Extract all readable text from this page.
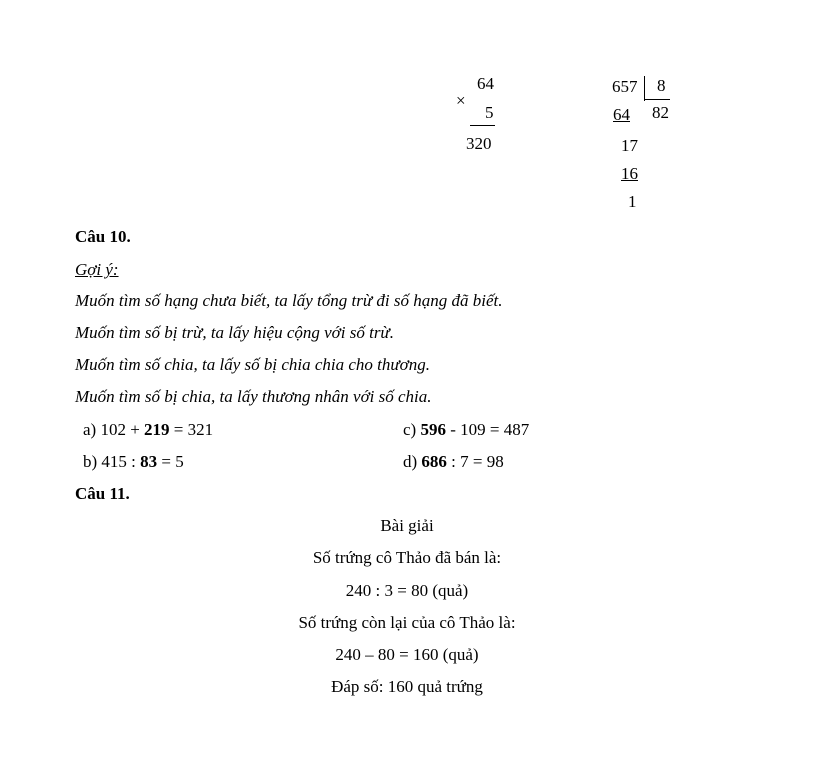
64
×
5
320
657 8
82
64
17
16
1
Câu 10.
Gợi ý:
Muốn tìm số hạng chưa biết, ta lấy tổng trừ đi số hạng đã biết.
Muốn tìm số bị trừ, ta lấy hiệu cộng với số trừ.
Muốn tìm số chia, ta lấy số bị chia chia cho thương.
Muốn tìm số bị chia, ta lấy thương nhân với số chia.
a) 102 + 219 = 321	c) 596 - 109 = 487
b) 415 : 83 = 5	d) 686 : 7 = 98
Câu 11.
Bài giải
Số trứng cô Thảo đã bán là:
240 : 3 = 80 (quả)
Số trứng còn lại của cô Thảo là:
240 – 80 = 160 (quả)
Đáp số: 160 quả trứng
